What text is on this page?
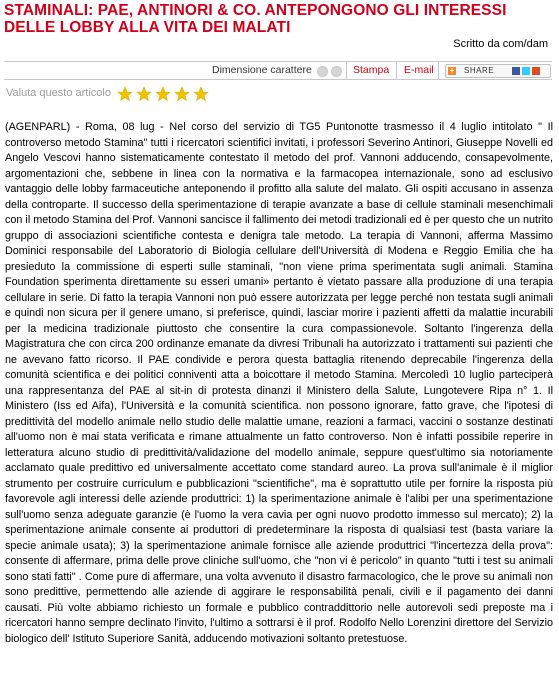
STAMINALI: PAE, ANTINORI & CO. ANTEPONGONO GLI INTERESSI DELLE LOBBY ALLA VITA DEI MALATI
Scritto da com/dam
Dimensione carattere	Stampa E-mail + SHARE
Valuta questo articolo
(AGENPARL) - Roma, 08 lug - Nel corso del servizio di TG5 Puntonotte trasmesso il 4 luglio intitolato " Il controverso metodo Stamina" tutti i ricercatori scientifici invitati, i professori Severino Antinori, Giuseppe Novelli ed Angelo Vescovi hanno sistematicamente contestato il metodo del prof. Vannoni adducendo, consapevolmente, argomentazioni che, sebbene in linea con la normativa e la farmacopea internazionale, sono ad esclusivo vantaggio delle lobby farmaceutiche anteponendo il profitto alla salute del malato. Gli ospiti accusano in assenza della controparte. Il successo della sperimentazione di terapie avanzate a base di cellule staminali mesenchimali con il metodo Stamina del Prof. Vannoni sancisce il fallimento dei metodi tradizionali ed è per questo che un nutrito gruppo di associazioni scientifiche contesta e denigra tale metodo. La terapia di Vannoni, afferma Massimo Dominici responsabile del Laboratorio di Biologia cellulare dell'Università di Modena e Reggio Emilia che ha presieduto la commissione di esperti sulle staminali, "non viene prima sperimentata sugli animali. Stamina Foundation sperimenta direttamente su esseri umani» pertanto è vietato passare alla produzione di una terapia cellulare in serie. Di fatto la terapia Vannoni non può essere autorizzata per legge perché non testata sugli animali e quindi non sicura per il genere umano, si preferisce, quindi, lasciar morire i pazienti affetti da malattie incurabili per la medicina tradizionale piuttosto che consentire la cura compassionevole. Soltanto l'ingerenza della Magistratura che con circa 200 ordinanze emanate da divresi Tribunali ha autorizzato i trattamenti sui pazienti che ne avevano fatto ricorso. Il PAE condivide e perora questa battaglia ritenendo deprecabile l'ingerenza della comunità scientifica e dei politici conniventi atta a boicottare il metodo Stamina. Mercoledì 10 luglio parteciperà una rappresentanza del PAE al sit-in di protesta dinanzi il Ministero della Salute, Lungotevere Ripa n° 1. Il Ministero (Iss ed Aifa), l'Università e la comunità scientifica. non possono ignorare, fatto grave, che l'ipotesi di predittività del modello animale nello studio delle malattie umane, reazioni a farmaci, vaccini o sostanze destinati all'uomo non è mai stata verificata e rimane attualmente un fatto controverso. Non è infatti possibile reperire in letteratura alcuno studio di predittività/validazione del modello animale, seppure quest'ultimo sia notoriamente acclamato quale predittivo ed universalmente accettato come standard aureo. La prova sull'animale è il miglior strumento per costruire curriculum e pubblicazioni "scientifiche", ma è soprattutto utile per fornire la risposta più favorevole agli interessi delle aziende produttrici: 1) la sperimentazione animale è l'alibi per una sperimentazione sull'uomo senza adeguate garanzie (è l'uomo la vera cavia per ogni nuovo prodotto immesso sul mercato); 2) la sperimentazione animale consente ai produttori di predeterminare la risposta di qualsiasi test (basta variare la specie animale usata); 3) la sperimentazione animale fornisce alle aziende produttrici "l'incertezza della prova": consente di affermare, prima delle prove cliniche sull'uomo, che "non vi è pericolo" in quanto "tutti i test su animali sono stati fatti" . Come pure di affermare, una volta avvenuto il disastro farmacologico, che le prove su animali non sono predittive, permettendo alle aziende di aggirare le responsabilità penali, civili e il pagamento dei danni causati. Più volte abbiamo richiesto un formale e pubblico contraddittorio nelle autorevoli sedi preposte ma i ricercatori hanno sempre declinato l'invito, l'ultimo a sottrarsi è il prof. Rodolfo Nello Lorenzini direttore del Servizio biologico dell' Istituto Superiore Sanità, adducendo motivazioni soltanto pretestuose.
